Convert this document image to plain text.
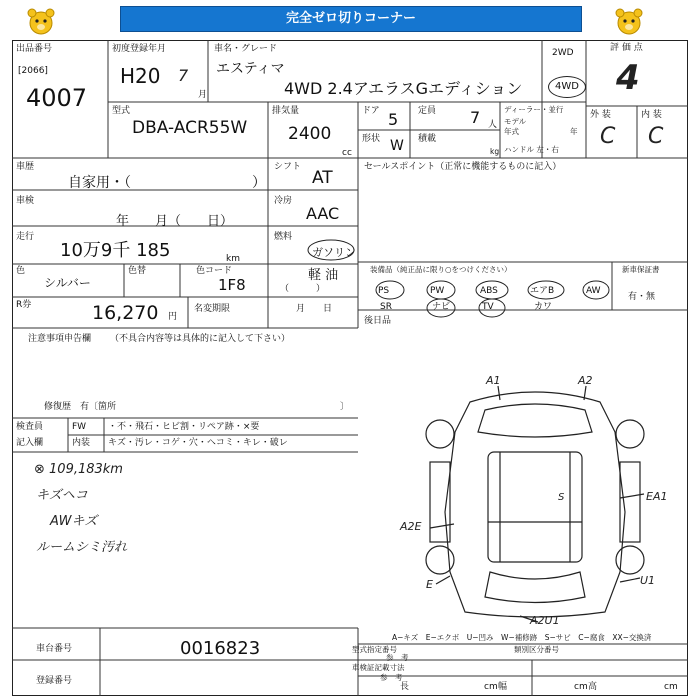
完全ゼロ切りコーナー
出品番号
[2066]
4007
初度登録年月
H20 7
月
車名・グレード
エスティマ
4WD 2.4アエラスGエディション
2WD
4WD
評 価 点
4
外 装	内 装
C C
型式
DBA-ACR55W
排気量
2400
cc
ドア 5 定員 7 人
形状 W 積載
kg
ディーラー・並行
モデル
年式	年
ハンドル 左・右
車歴
自家用・（	）
シフト
AT
車検
年　　月（　　日）
冷房
AAC
走行
10万9千 185	km
燃料
ガソリン
軽 油
（　　　）
色
シルバー
色替	色コード
1F8
R券	16,270 円
名変期限	月　　日
セールスポイント（正常に機能するものに記入）
装備品（純正品に限り○をつけください）
PS	PW	ABS	エアB	AW
SR	ナビ	TV	カワ
後日品
新車保証書
有・無
注意事項申告欄 （不具合内容等は具体的に記入して下さい）
修復歴　有〔箇所	〕
検査員
記入欄
FW
内装
・不・飛石・ヒビ割・リペア跡・×要
キズ・汚レ・コゲ・穴・ヘコミ・キレ・破レ
⊗ 109,183km
キズヘコ
AWキズ
ルームシミ汚れ
A1	A2
S	EA1
A2E
E	U1
A2U1
A−キズ　E−エクボ　U−凹み　W−補修跡　S−サビ　C−腐食　XX−交換済
車台番号	0016823
登録番号
型式指定番号
参　考
類別区分番号
車検証記載寸法
参　考
長	cm 幅	cm 高	cm
